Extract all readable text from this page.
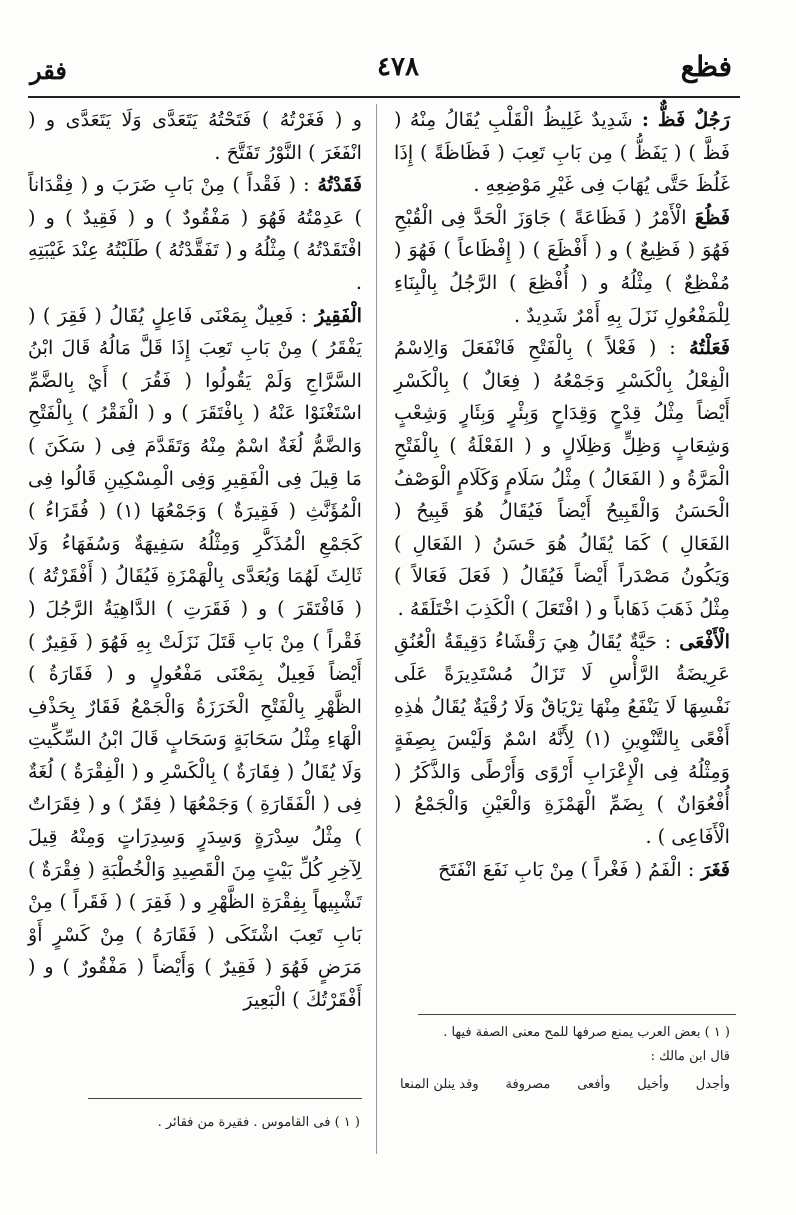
فظع
٤٧٨
فقر

رَجُلٌ فَظٌّ :شَدِيدٌ غَلِيظُ الْقَلْبِ يُقَالُ مِنْهُ ( فَظَّ ) ( يَفَظُّ ) مِن بَابِ تَعِبَ ( فَظَاظَةً ) إِذَا غَلُظَ حَتَّى يُهَابَ فِى غَيْرِ مَوْضِعِهِ .

فَظُعَالْأَمْرُ ( فَظَاعَةً ) جَاوَزَ الْحَدَّ فِى الْقُبْحِ فَهُوَ ( فَظِيعٌ ) و ( أَفْظَعَ ) ( إِفْظَاعاً ) فَهُوَ ( مُفْظِعٌ ) مِثْلُهُ و ( أُفْظِعَ ) الرَّجُلُ بِالْبِنَاءِ لِلْمَفْعُولِ نَزَلَ بِهِ أَمْرٌ شَدِيدٌ .

فَعَلْتُهُ: ( فَعْلاً ) بِالْفَتْحِ فَانْفَعَلَ وَالِاسْمُ الْفِعْلُ بِالْكَسْرِ وَجَمْعُهُ ( فِعَالٌ ) بِالْكَسْرِ أَيْضاً مِثْلُ قِدْحٍ وَقِدَاحٍ وَبِئْرٍ وَبِئَارٍ وَشِعْبٍ وَشِعَابٍ وَظِلٍّ وَظِلَالٍ و ( الفَعْلَةُ ) بِالْفَتْحِ الْمَرَّةُ و ( الفَعَالُ ) مِثْلُ سَلَامٍ وَكَلَامٍ الْوَصْفُ الْحَسَنُ وَالْقَبِيحُ أَيْضاً فَيُقَالُ هُوَ قَبِيحُ ( الفَعَالِ ) كَمَا يُقَالُ هُوَ حَسَنُ ( الفَعَالِ ) وَيَكُونُ مَصْدَراً أَيْضاً فَيُقَالُ ( فَعَلَ فَعَالاً ) مِثْلُ ذَهَبَ ذَهَاباً و ( افْتَعَلَ ) الْكَذِبَ اخْتَلَقَهُ .

الْأَفْعَى: حَيَّةٌ يُقَالُ هِيَ رَقْشَاءُ دَقِيقَةُ الْعُنُقِ عَرِيضَةُ الرَّأْسِ لَا تَزَالُ مُسْتَدِيرَةً عَلَى نَفْسِهَا لَا يَنْفَعُ مِنْهَا تِرْيَاقٌ وَلَا رُقْيَةٌ يُقَالُ هٰذِهِ أَفْعًى بِالتَّنْوِينِ (١) لِأَنَّهُ اسْمٌ وَلَيْسَ بِصِفَةٍ وَمِثْلُهُ فِى الْإِعْرَابِ أَرْوًى وَأَرْطًى وَالذَّكَرُ ( أُفْعُوَانٌ ) بِضَمِّ الْهَمْزَةِ وَالْعَيْنِ وَالْجَمْعُ ( الْأَفَاعِى ) .

فَغَرَ: الْفَمُ ( فَغْراً ) مِنْ بَابِ نَفَعَ انْفَتَحَ

و ( فَغَرْتُهُ ) فَتَحْتُهُ يَتَعَدَّى وَلَا يَتَعَدَّى و ( انْفَغَرَ ) النَّوْرُ تَفَتَّحَ .

فَقَدْتُهُ: ( فَقْداً ) مِنْ بَابِ ضَرَبَ و ( فِقْدَاناً ) عَدِمْتُهُ فَهُوَ ( مَفْقُودٌ ) و ( فَقِيدٌ ) و ( افْتَقَدْتُهُ ) مِثْلُهُ و ( تَفَقَّدْتُهُ ) طَلَبْتُهُ عِنْدَ غَيْبَتِهِ .

الْفَقِيرُ: فَعِيلٌ بِمَعْنَى فَاعِلٍ يُقَالُ ( فَقِرَ ) ( يَفْقَرُ ) مِنْ بَابِ تَعِبَ إِذَا قَلَّ مَالُهُ قَالَ ابْنُ السَّرَّاجِ وَلَمْ يَقُولُوا ( فَقُرَ ) أَيْ بِالضَّمِّ اسْتَغْنَوْا عَنْهُ ( بِافْتَقَرَ ) و ( الْفَقْرُ ) بِالْفَتْحِ وَالضَّمُّ لُغَةٌ اسْمٌ مِنْهُ وَتَقَدَّمَ فِى ( سَكَنَ ) مَا قِيلَ فِى الْفَقِيرِ وَفِى الْمِسْكِينِ قَالُوا فِى الْمُؤَنَّثِ ( فَقِيرَةٌ ) وَجَمْعُهَا (١) ( فُقَرَاءُ ) كَجَمْعِ الْمُذَكَّرِ وَمِثْلُهُ سَفِيهَةٌ وَسُفَهَاءُ وَلَا ثَالِثَ لَهُمَا وَيُعَدَّى بِالْهَمْزَةِ فَيُقَالُ ( أَفْقَرْتُهُ ) ( فَافْتَقَرَ ) و ( فَقَرَتِ ) الدَّاهِيَةُ الرَّجُلَ ( فَقْراً ) مِنْ بَابِ قَتَلَ نَزَلَتْ بِهِ فَهُوَ ( فَقِيرٌ ) أَيْضاً فَعِيلٌ بِمَعْنَى مَفْعُولٍ و ( فَقَارَةُ ) الظَّهْرِ بِالْفَتْحِ الْخَرَزَةُ وَالْجَمْعُ فَقَارٌ بِحَذْفِ الْهَاءِ مِثْلُ سَحَابَةٍ وَسَحَابٍ قَالَ ابْنُ السِّكِّيتِ وَلَا يُقَالُ ( فِقَارَةٌ ) بِالْكَسْرِ و ( الْفِقْرَةُ ) لُغَةٌ فِى ( الْفَقَارَةِ ) وَجَمْعُهَا ( فِقَرٌ ) و ( فِقَرَاتٌ ) مِثْلُ سِدْرَةٍ وَسِدَرٍ وَسِدِرَاتٍ وَمِنْهُ قِيلَ لِآخِرِ كُلِّ بَيْتٍ مِنَ الْقَصِيدِ وَالْخُطْبَةِ ( فِقْرَةٌ ) تَشْبِيهاً بِفِقْرَةِ الظَّهْرِ و ( فَقِرَ ) ( فَقَراً ) مِنْ بَابِ تَعِبَ اشْتَكَى ( فَقَارَهُ ) مِنْ كَسْرٍ أَوْ مَرَضٍ فَهُوَ ( فَقِيرٌ ) وَأَيْضاً ( مَفْقُورٌ ) و ( أَفْقَرْتُكَ ) الْبَعِيرَ

( ١ ) بعض العرب يمنع صرفها للمح معنى الصفة فيها .
قال ابن مالك :
وأجدل
وأخيل
وأفعى
مصروفة
وقد ينلن المنعا
( ١ ) فى القاموس . فقيرة من فقائر .
